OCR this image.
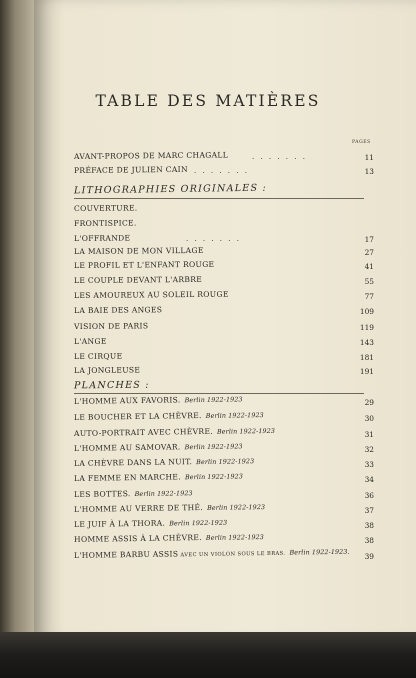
TABLE DES MATIÈRES
PAGES
AVANT-PROPOS DE MARC CHAGALL	. . . . . . .	11
PRÉFACE DE JULIEN CAIN . . . . . . .	13
LITHOGRAPHIES ORIGINALES :
COUVERTURE.
FRONTISPICE.
L'OFFRANDE	. . . . . . .	17
LA MAISON DE MON VILLAGE	27
LE PROFIL ET L'ENFANT ROUGE	41
LE COUPLE DEVANT L'ARBRE	55
LES AMOUREUX AU SOLEIL ROUGE	77
LA BAIE DES ANGES	109
VISION DE PARIS	119
L'ANGE	143
LE CIRQUE	181
LA JONGLEUSE	191
PLANCHES :
L'HOMME AUX FAVORIS. Berlin 1922-1923	29
LE BOUCHER ET LA CHÈVRE. Berlin 1922-1923	30
AUTO-PORTRAIT AVEC CHÈVRE. Berlin 1922-1923	31
L'HOMME AU SAMOVAR. Berlin 1922-1923	32
LA CHÈVRE DANS LA NUIT. Berlin 1922-1923	33
LA FEMME EN MARCHE. Berlin 1922-1923	34
LES BOTTES. Berlin 1922-1923	36
L'HOMME AU VERRE DE THÉ. Berlin 1922-1923	37
LE JUIF À LA THORA. Berlin 1922-1923	38
HOMME ASSIS À LA CHÈVRE. Berlin 1922-1923	38
L'HOMME BARBU ASSIS AVEC UN VIOLON SOUS LE BRAS. Berlin 1922-1923.	39
